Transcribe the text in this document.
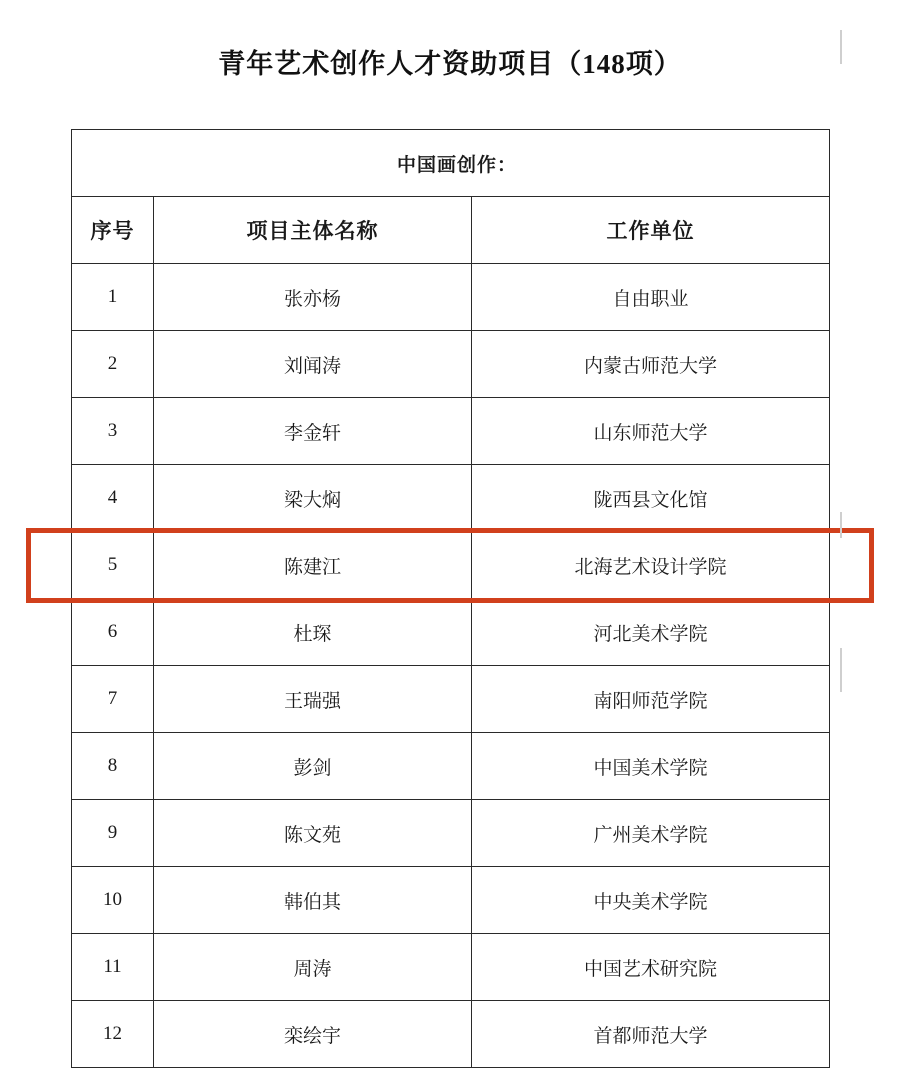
青年艺术创作人才资助项目（148项）
中国画创作：		
序号	项目主体名称	工作单位
1	张亦杨	自由职业
2	刘闻涛	内蒙古师范大学
3	李金轩	山东师范大学
4	梁大焖	陇西县文化馆
5	陈建江	北海艺术设计学院
6	杜琛	河北美术学院
7	王瑞强	南阳师范学院
8	彭剑	中国美术学院
9	陈文苑	广州美术学院
10	韩伯其	中央美术学院
11	周涛	中国艺术研究院
12	栾绘宇	首都师范大学
